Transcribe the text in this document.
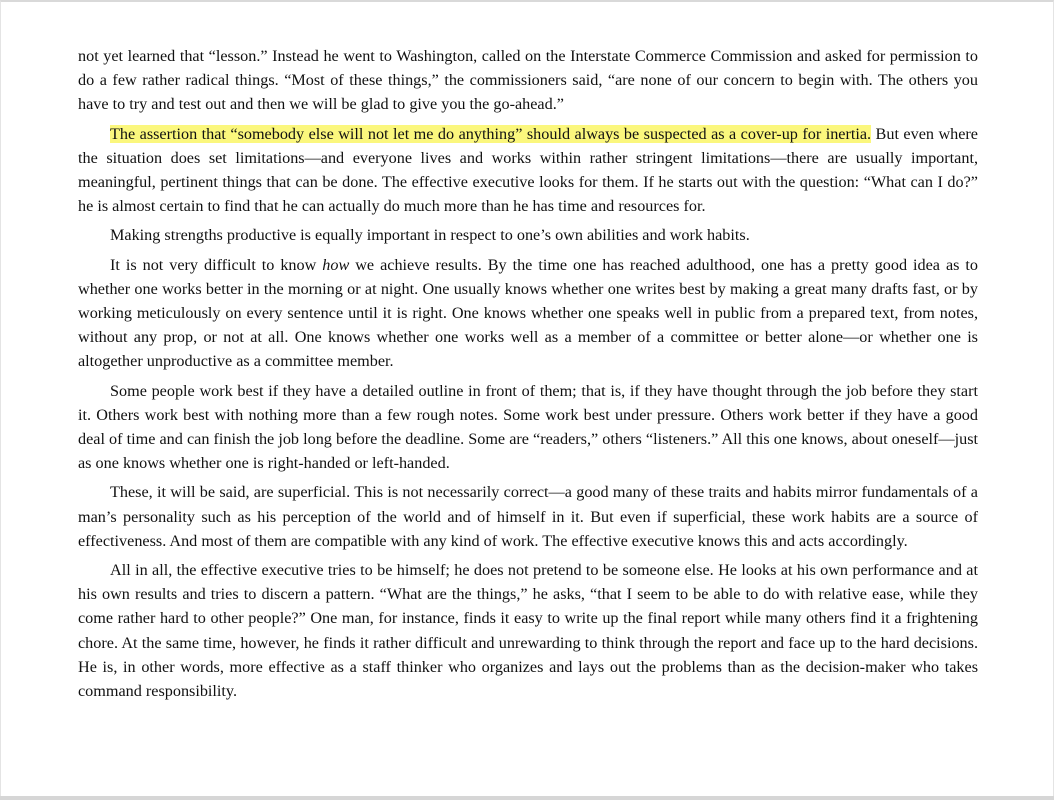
not yet learned that “lesson.” Instead he went to Washington, called on the Interstate Commerce Commission and asked for permission to do a few rather radical things. “Most of these things,” the commissioners said, “are none of our concern to begin with. The others you have to try and test out and then we will be glad to give you the go-ahead.”

The assertion that “somebody else will not let me do anything” should always be suspected as a cover-up for inertia. But even where the situation does set limitations—and everyone lives and works within rather stringent limitations—there are usually important, meaningful, pertinent things that can be done. The effective executive looks for them. If he starts out with the question: “What can I do?” he is almost certain to find that he can actually do much more than he has time and resources for.

Making strengths productive is equally important in respect to one’s own abilities and work habits.

It is not very difficult to know how we achieve results. By the time one has reached adulthood, one has a pretty good idea as to whether one works better in the morning or at night. One usually knows whether one writes best by making a great many drafts fast, or by working meticulously on every sentence until it is right. One knows whether one speaks well in public from a prepared text, from notes, without any prop, or not at all. One knows whether one works well as a member of a committee or better alone—or whether one is altogether unproductive as a committee member.

Some people work best if they have a detailed outline in front of them; that is, if they have thought through the job before they start it. Others work best with nothing more than a few rough notes. Some work best under pressure. Others work better if they have a good deal of time and can finish the job long before the deadline. Some are “readers,” others “listeners.” All this one knows, about oneself—just as one knows whether one is right-handed or left-handed.

These, it will be said, are superficial. This is not necessarily correct—a good many of these traits and habits mirror fundamentals of a man’s personality such as his perception of the world and of himself in it. But even if superficial, these work habits are a source of effectiveness. And most of them are compatible with any kind of work. The effective executive knows this and acts accordingly.

All in all, the effective executive tries to be himself; he does not pretend to be someone else. He looks at his own performance and at his own results and tries to discern a pattern. “What are the things,” he asks, “that I seem to be able to do with relative ease, while they come rather hard to other people?” One man, for instance, finds it easy to write up the final report while many others find it a frightening chore. At the same time, however, he finds it rather difficult and unrewarding to think through the report and face up to the hard decisions. He is, in other words, more effective as a staff thinker who organizes and lays out the problems than as the decision-maker who takes command responsibility.
